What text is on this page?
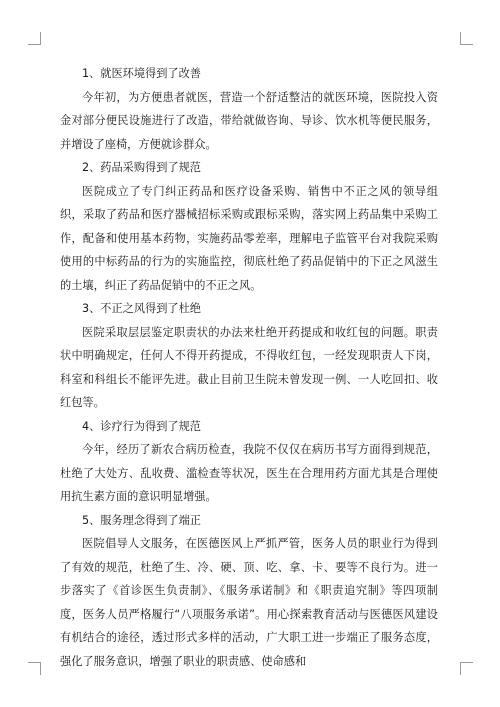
1、就医环境得到了改善

今年初，为方便患者就医，营造一个舒适整洁的就医环境，医院投入资金对部分便民设施进行了改造，带给就做咨询、导诊、饮水机等便民服务，并增设了座椅，方便就诊群众。

2、药品采购得到了规范

医院成立了专门纠正药品和医疗设备采购、销售中不正之风的领导组织，采取了药品和医疗器械招标采购或跟标采购，落实网上药品集中采购工作，配备和使用基本药物，实施药品零差率，理解电子监管平台对我院采购使用的中标药品的行为的实施监控，彻底杜绝了药品促销中的下正之风滋生的土壤，纠正了药品促销中的不正之风。

3、不正之风得到了杜绝

医院采取层层鉴定职责状的办法来杜绝开药提成和收红包的问题。职责状中明确规定，任何人不得开药提成，不得收红包，一经发现职责人下岗，科室和科组长不能评先进。截止目前卫生院未曾发现一例、一人吃回扣、收红包等。

4、诊疗行为得到了规范

今年，经历了新农合病历检查，我院不仅仅在病历书写方面得到规范，杜绝了大处方、乱收费、滥检查等状况，医生在合理用药方面尤其是合理使用抗生素方面的意识明显增强。

5、服务理念得到了端正

医院倡导人文服务，在医德医风上严抓严管，医务人员的职业行为得到了有效的规范，杜绝了生、冷、硬、顶、吃、拿、卡、要等不良行为。进一步落实了《首诊医生负责制》、《服务承诺制》和《职责追究制》等四项制度，医务人员严格履行“八项服务承诺”。用心探索教育活动与医德医风建设有机结合的途径，透过形式多样的活动，广大职工进一步端正了服务态度，强化了服务意识，增强了职业的职责感、使命感和
